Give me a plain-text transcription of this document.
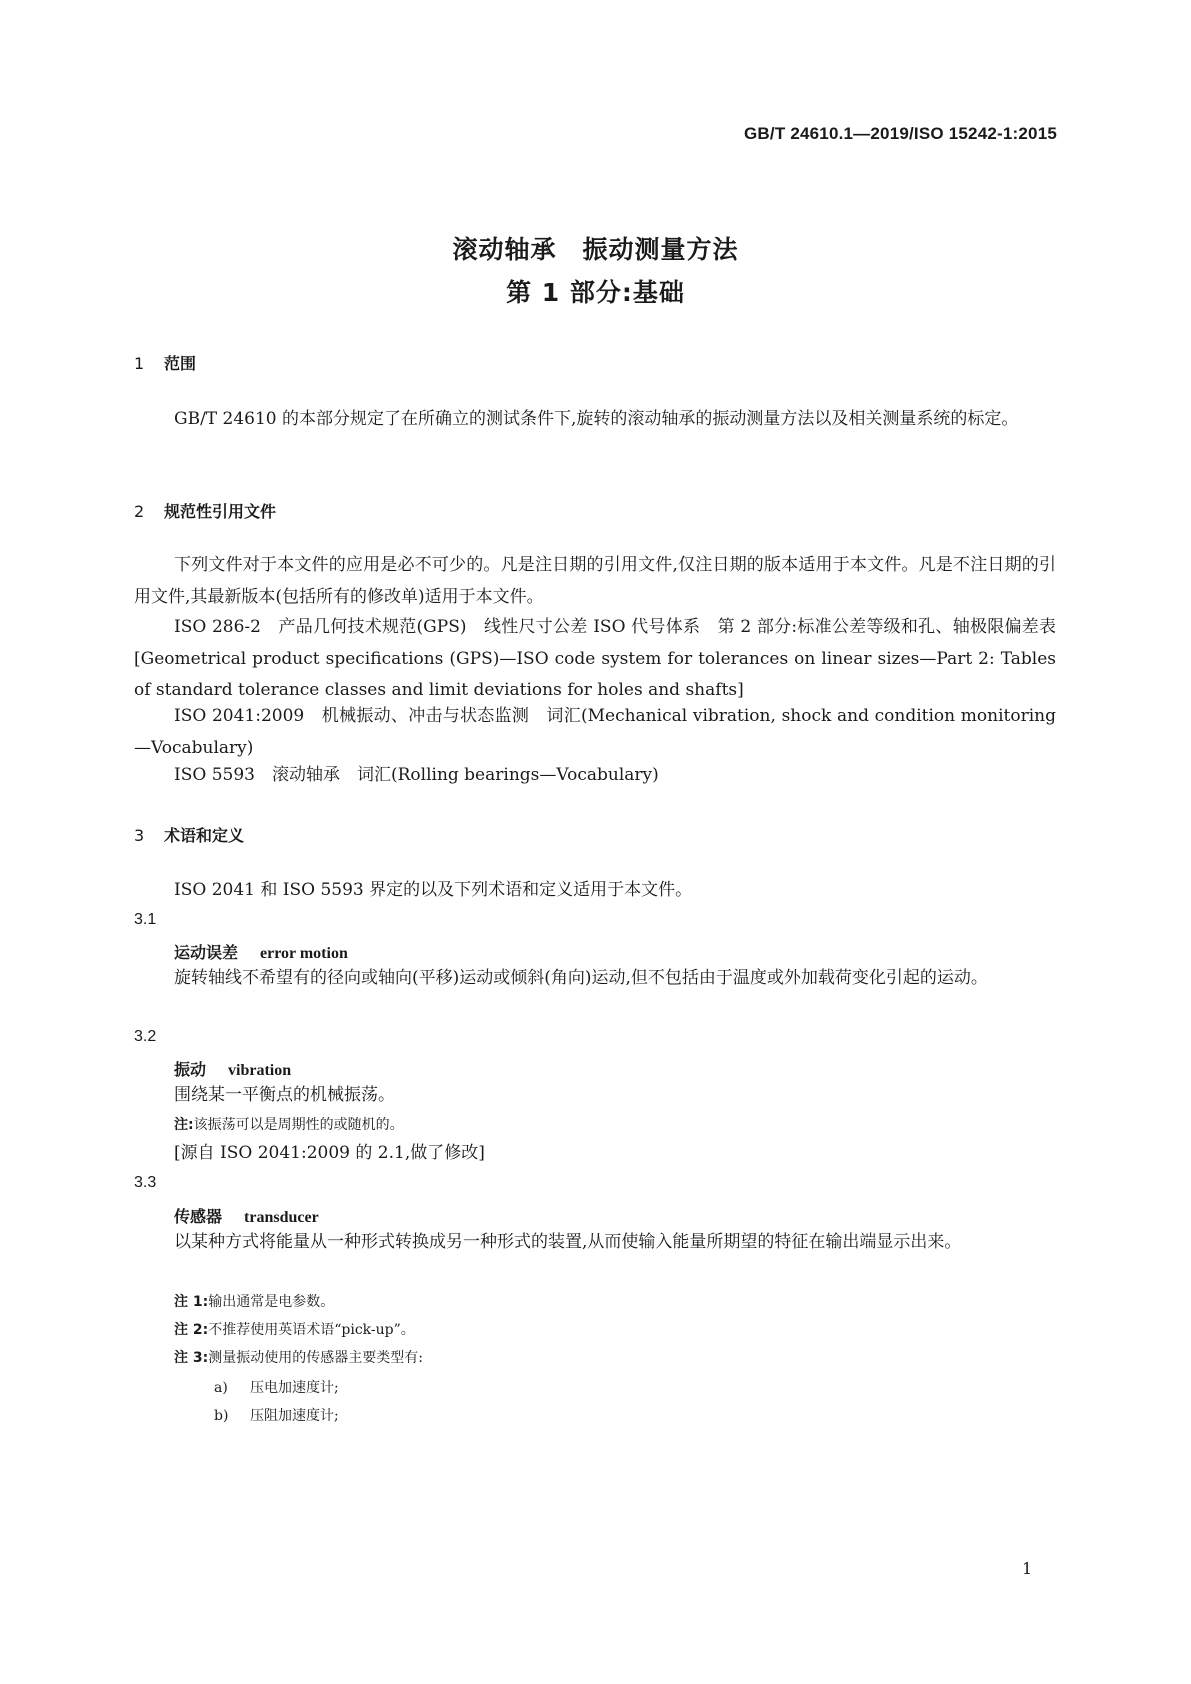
GB/T 24610.1—2019/ISO 15242-1:2015
滚动轴承　振动测量方法
第 1 部分:基础
1 范围
GB/T 24610 的本部分规定了在所确立的测试条件下,旋转的滚动轴承的振动测量方法以及相关测量系统的标定。
2 规范性引用文件
下列文件对于本文件的应用是必不可少的。凡是注日期的引用文件,仅注日期的版本适用于本文件。凡是不注日期的引用文件,其最新版本(包括所有的修改单)适用于本文件。
ISO 286-2　产品几何技术规范(GPS)　线性尺寸公差 ISO 代号体系　第 2 部分:标准公差等级和孔、轴极限偏差表[Geometrical product specifications (GPS)—ISO code system for tolerances on linear sizes—Part 2: Tables of standard tolerance classes and limit deviations for holes and shafts]
ISO 2041:2009　机械振动、冲击与状态监测　词汇(Mechanical vibration, shock and condition monitoring—Vocabulary)
ISO 5593　滚动轴承　词汇(Rolling bearings—Vocabulary)
3 术语和定义
ISO 2041 和 ISO 5593 界定的以及下列术语和定义适用于本文件。
3.1
运动误差 error motion
旋转轴线不希望有的径向或轴向(平移)运动或倾斜(角向)运动,但不包括由于温度或外加载荷变化引起的运动。
3.2
振动 vibration
围绕某一平衡点的机械振荡。
注:该振荡可以是周期性的或随机的。
[源自 ISO 2041:2009 的 2.1,做了修改]
3.3
传感器 transducer
以某种方式将能量从一种形式转换成另一种形式的装置,从而使输入能量所期望的特征在输出端显示出来。
注 1:输出通常是电参数。
注 2:不推荐使用英语术语“pick-up”。
注 3:测量振动使用的传感器主要类型有:
a) 压电加速度计;
b) 压阻加速度计;
1
